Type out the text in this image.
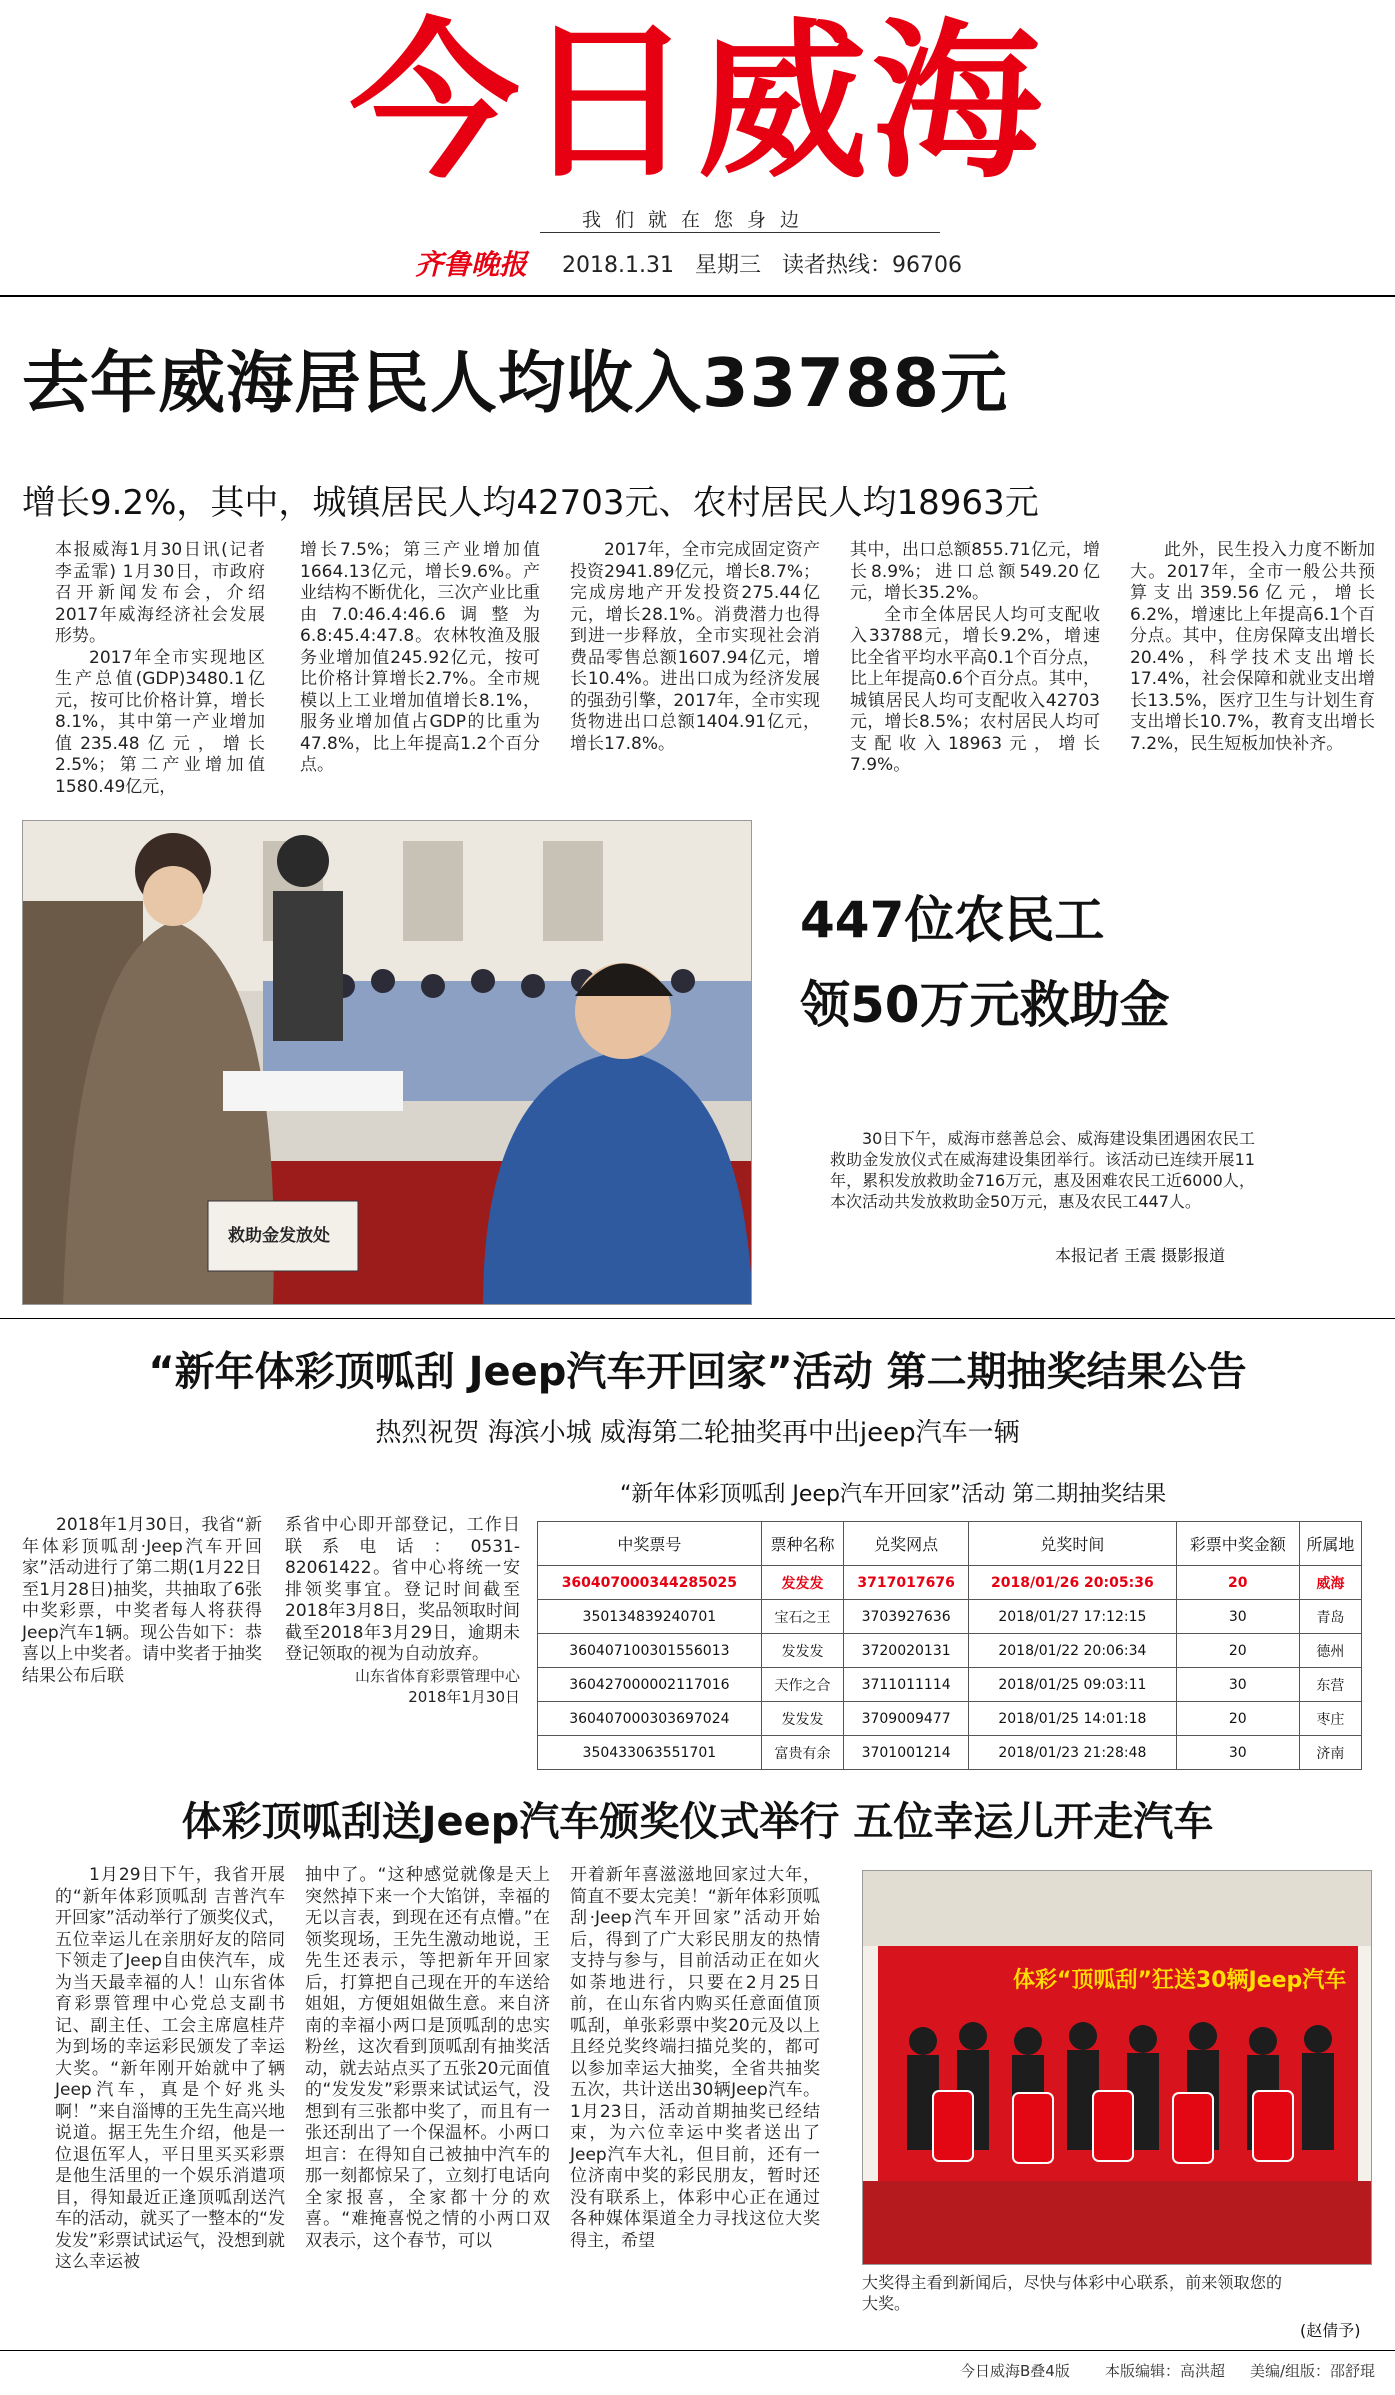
今日威海
我们就在您身边
齐鲁晚报 2018.1.31 星期三 读者热线：96706
去年威海居民人均收入33788元
增长9.2%，其中，城镇居民人均42703元、农村居民人均18963元

本报威海1月30日讯(记者 李孟霏) 1月30日，市政府召开新闻发布会，介绍2017年威海经济社会发展形势。

2017年全市实现地区生产总值(GDP)3480.1亿元，按可比价格计算，增长8.1%，其中第一产业增加值235.48亿元，增长2.5%；第二产业增加值1580.49亿元，

增长7.5%；第三产业增加值1664.13亿元，增长9.6%。产业结构不断优化，三次产业比重由7.0:46.4:46.6调整为6.8:45.4:47.8。农林牧渔及服务业增加值245.92亿元，按可比价格计算增长2.7%。全市规模以上工业增加值增长8.1%，服务业增加值占GDP的比重为47.8%，比上年提高1.2个百分点。

2017年，全市完成固定资产投资2941.89亿元，增长8.7%；完成房地产开发投资275.44亿元，增长28.1%。消费潜力也得到进一步释放，全市实现社会消费品零售总额1607.94亿元，增长10.4%。进出口成为经济发展的强劲引擎，2017年，全市实现货物进出口总额1404.91亿元，增长17.8%。

其中，出口总额855.71亿元，增长8.9%；进口总额549.20亿元，增长35.2%。

全市全体居民人均可支配收入33788元，增长9.2%，增速比全省平均水平高0.1个百分点，比上年提高0.6个百分点。其中，城镇居民人均可支配收入42703元，增长8.5%；农村居民人均可支配收入18963元，增长7.9%。

此外，民生投入力度不断加大。2017年，全市一般公共预算支出359.56亿元，增长6.2%，增速比上年提高6.1个百分点。其中，住房保障支出增长20.4%，科学技术支出增长17.4%，社会保障和就业支出增长13.5%，医疗卫生与计划生育支出增长10.7%，教育支出增长7.2%，民生短板加快补齐。

救助金发放处
447位农民工
领50万元救助金
30日下午，威海市慈善总会、威海建设集团遇困农民工救助金发放仪式在威海建设集团举行。该活动已连续开展11年，累积发放救助金716万元，惠及困难农民工近6000人，本次活动共发放救助金50万元，惠及农民工447人。
本报记者 王震 摄影报道
“新年体彩顶呱刮 Jeep汽车开回家”活动 第二期抽奖结果公告
热烈祝贺 海滨小城 威海第二轮抽奖再中出jeep汽车一辆

2018年1月30日，我省“新年体彩顶呱刮·Jeep汽车开回家”活动进行了第二期(1月22日至1月28日)抽奖，共抽取了6张中奖彩票，中奖者每人将获得Jeep汽车1辆。现公告如下：恭喜以上中奖者。请中奖者于抽奖结果公布后联

系省中心即开部登记，工作日联系电话：0531-82061422。省中心将统一安排领奖事宜。登记时间截至2018年3月8日，奖品领取时间截至2018年3月29日，逾期未登记领取的视为自动放弃。

山东省体育彩票管理中心

2018年1月30日

“新年体彩顶呱刮 Jeep汽车开回家”活动 第二期抽奖结果
中奖票号	票种名称	兑奖网点	兑奖时间	彩票中奖金额	所属地
360407000344285025	发发发	3717017676	2018/01/26 20:05:36	20	威海
350134839240701	宝石之王	3703927636	2018/01/27 17:12:15	30	青岛
360407100301556013	发发发	3720020131	2018/01/22 20:06:34	20	德州
360427000002117016	天作之合	3711011114	2018/01/25 09:03:11	30	东营
360407000303697024	发发发	3709009477	2018/01/25 14:01:18	20	枣庄
350433063551701	富贵有余	3701001214	2018/01/23 21:28:48	30	济南
体彩顶呱刮送Jeep汽车颁奖仪式举行 五位幸运儿开走汽车

1月29日下午，我省开展的“新年体彩顶呱刮 吉普汽车开回家”活动举行了颁奖仪式，五位幸运儿在亲朋好友的陪同下领走了Jeep自由侠汽车，成为当天最幸福的人！山东省体育彩票管理中心党总支副书记、副主任、工会主席扈桂芹为到场的幸运彩民颁发了幸运大奖。“新年刚开始就中了辆Jeep汽车，真是个好兆头啊！”来自淄博的王先生高兴地说道。据王先生介绍，他是一位退伍军人，平日里买买彩票是他生活里的一个娱乐消遣项目，得知最近正逢顶呱刮送汽车的活动，就买了一整本的“发发发”彩票试试运气，没想到就这么幸运被

抽中了。“这种感觉就像是天上突然掉下来一个大馅饼，幸福的无以言表，到现在还有点懵。”在领奖现场，王先生激动地说，王先生还表示，等把新年开回家后，打算把自己现在开的车送给姐姐，方便姐姐做生意。来自济南的幸福小两口是顶呱刮的忠实粉丝，这次看到顶呱刮有抽奖活动，就去站点买了五张20元面值的“发发发”彩票来试试运气，没想到有三张都中奖了，而且有一张还刮出了一个保温杯。小两口坦言：在得知自己被抽中汽车的那一刻都惊呆了，立刻打电话向全家报喜，全家都十分的欢喜。“难掩喜悦之情的小两口双双表示，这个春节，可以

开着新年喜滋滋地回家过大年，简直不要太完美！“新年体彩顶呱刮·Jeep汽车开回家”活动开始后，得到了广大彩民朋友的热情支持与参与，目前活动正在如火如荼地进行，只要在2月25日前，在山东省内购买任意面值顶呱刮，单张彩票中奖20元及以上且经兑奖终端扫描兑奖的，都可以参加幸运大抽奖，全省共抽奖五次，共计送出30辆Jeep汽车。1月23日，活动首期抽奖已经结束，为六位幸运中奖者送出了Jeep汽车大礼，但目前，还有一位济南中奖的彩民朋友，暂时还没有联系上，体彩中心正在通过各种媒体渠道全力寻找这位大奖得主，希望

体彩“顶呱刮”狂送30辆Jeep汽车
大奖得主看到新闻后，尽快与体彩中心联系，前来领取您的大奖。
(赵倩予)
今日威海B叠4版 本版编辑：高洪超 美编/组版：邵舒琨
